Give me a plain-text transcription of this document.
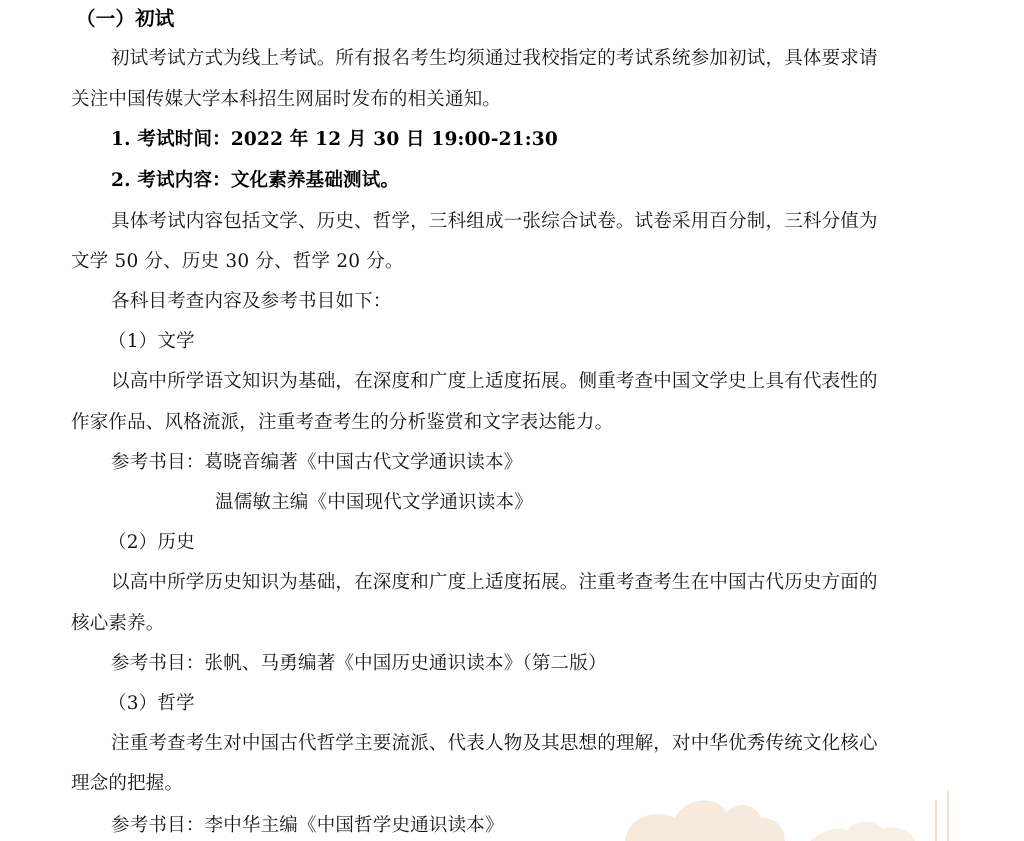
（一）初试
初试考试方式为线上考试。所有报名考生均须通过我校指定的考试系统参加初试，具体要求请
关注中国传媒大学本科招生网届时发布的相关通知。
1. 考试时间：2022 年 12 月 30 日 19:00-21:30
2. 考试内容：文化素养基础测试。
具体考试内容包括文学、历史、哲学，三科组成一张综合试卷。试卷采用百分制，三科分值为
文学 50 分、历史 30 分、哲学 20 分。
各科目考查内容及参考书目如下：
（1）文学
以高中所学语文知识为基础，在深度和广度上适度拓展。侧重考查中国文学史上具有代表性的
作家作品、风格流派，注重考查考生的分析鉴赏和文字表达能力。
参考书目：葛晓音编著《中国古代文学通识读本》
温儒敏主编《中国现代文学通识读本》
（2）历史
以高中所学历史知识为基础，在深度和广度上适度拓展。注重考查考生在中国古代历史方面的
核心素养。
参考书目：张帆、马勇编著《中国历史通识读本》（第二版）
（3）哲学
注重考查考生对中国古代哲学主要流派、代表人物及其思想的理解，对中华优秀传统文化核心
理念的把握。
参考书目：李中华主编《中国哲学史通识读本》
